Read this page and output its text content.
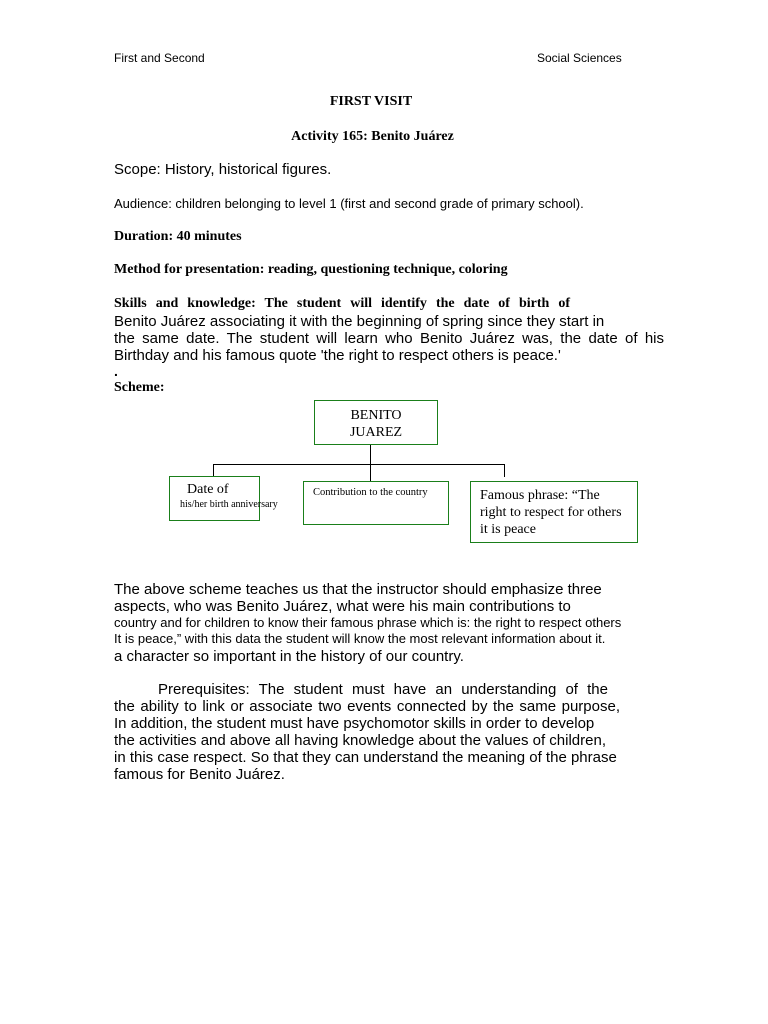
First and Second	Social Sciences
FIRST VISIT
Activity 165: Benito Juárez
Scope: History, historical figures.
Audience: children belonging to level 1 (first and second grade of primary school).
Duration: 40 minutes
Method for presentation: reading, questioning technique, coloring
Skills and knowledge: The student will identify the date of birth of
Benito Juárez associating it with the beginning of spring since they start in
the same date. The student will learn who Benito Juárez was, the date of his
Birthday and his famous quote 'the right to respect others is peace.'
.
Scheme:
BENITO
JUAREZ
Date of
his/her birth anniversary
Contribution to the country	Famous phrase: “The
right to respect for others
it is peace
The above scheme teaches us that the instructor should emphasize three
aspects, who was Benito Juárez, what were his main contributions to
country and for children to know their famous phrase which is: the right to respect others
It is peace,” with this data the student will know the most relevant information about it.
a character so important in the history of our country.
Prerequisites: The student must have an understanding of the
the ability to link or associate two events connected by the same purpose,
In addition, the student must have psychomotor skills in order to develop
the activities and above all having knowledge about the values of children,
in this case respect. So that they can understand the meaning of the phrase
famous for Benito Juárez.
